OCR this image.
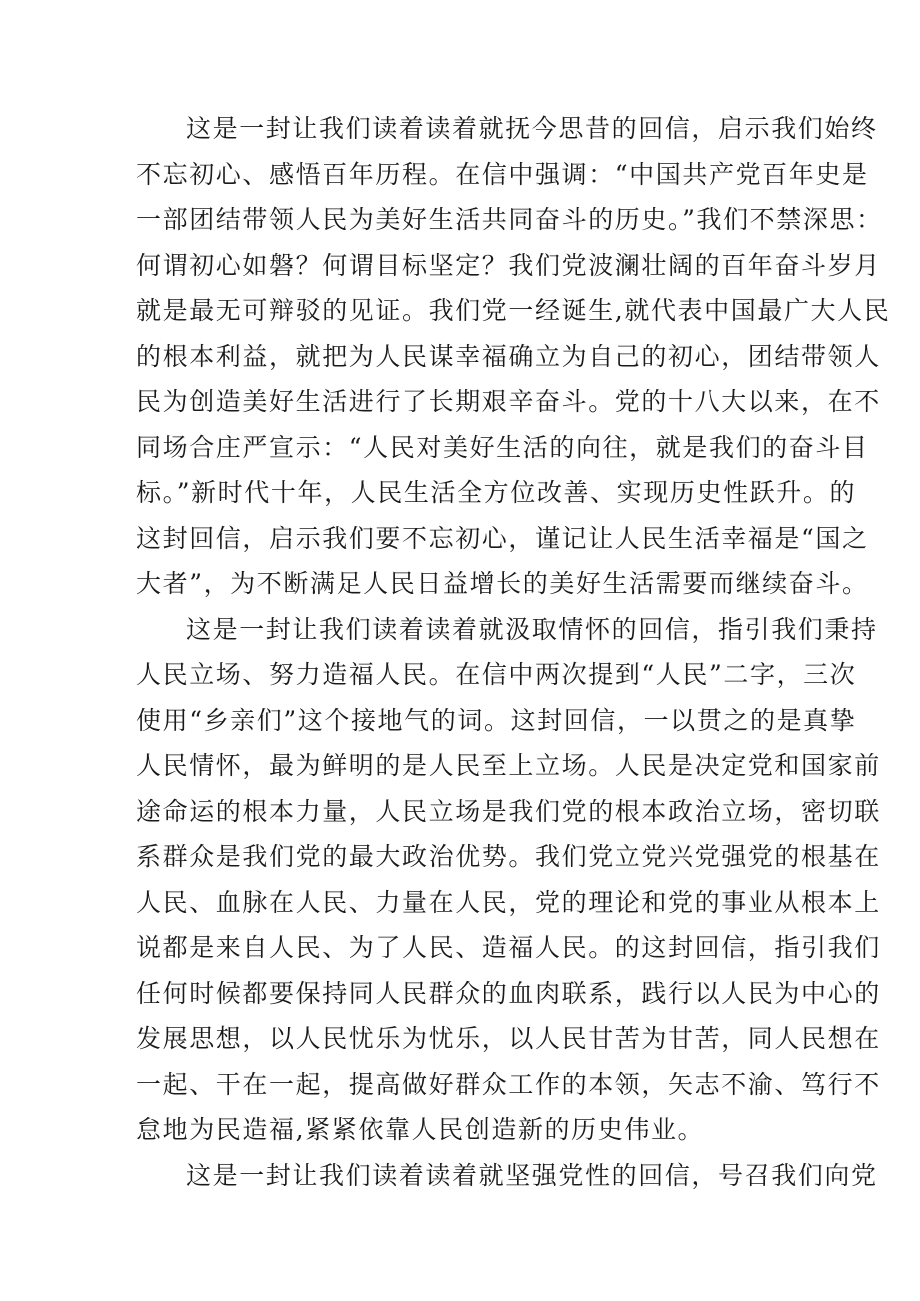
这是一封让我们读着读着就抚今思昔的回信，启示我们始终
不忘初心、感悟百年历程。在信中强调：“中国共产党百年史是
一部团结带领人民为美好生活共同奋斗的历史。”我们不禁深思：
何谓初心如磐？何谓目标坚定？我们党波澜壮阔的百年奋斗岁月
就是最无可辩驳的见证。我们党一经诞生,就代表中国最广大人民
的根本利益，就把为人民谋幸福确立为自己的初心，团结带领人
民为创造美好生活进行了长期艰辛奋斗。党的十八大以来，在不
同场合庄严宣示：“人民对美好生活的向往，就是我们的奋斗目
标。”新时代十年，人民生活全方位改善、实现历史性跃升。的
这封回信，启示我们要不忘初心，谨记让人民生活幸福是“国之
大者”，为不断满足人民日益增长的美好生活需要而继续奋斗。

这是一封让我们读着读着就汲取情怀的回信，指引我们秉持
人民立场、努力造福人民。在信中两次提到“人民”二字，三次
使用“乡亲们”这个接地气的词。这封回信，一以贯之的是真挚
人民情怀，最为鲜明的是人民至上立场。人民是决定党和国家前
途命运的根本力量，人民立场是我们党的根本政治立场，密切联
系群众是我们党的最大政治优势。我们党立党兴党强党的根基在
人民、血脉在人民、力量在人民，党的理论和党的事业从根本上
说都是来自人民、为了人民、造福人民。的这封回信，指引我们
任何时候都要保持同人民群众的血肉联系，践行以人民为中心的
发展思想，以人民忧乐为忧乐，以人民甘苦为甘苦，同人民想在
一起、干在一起，提高做好群众工作的本领，矢志不渝、笃行不
怠地为民造福,紧紧依靠人民创造新的历史伟业。

这是一封让我们读着读着就坚强党性的回信，号召我们向党
